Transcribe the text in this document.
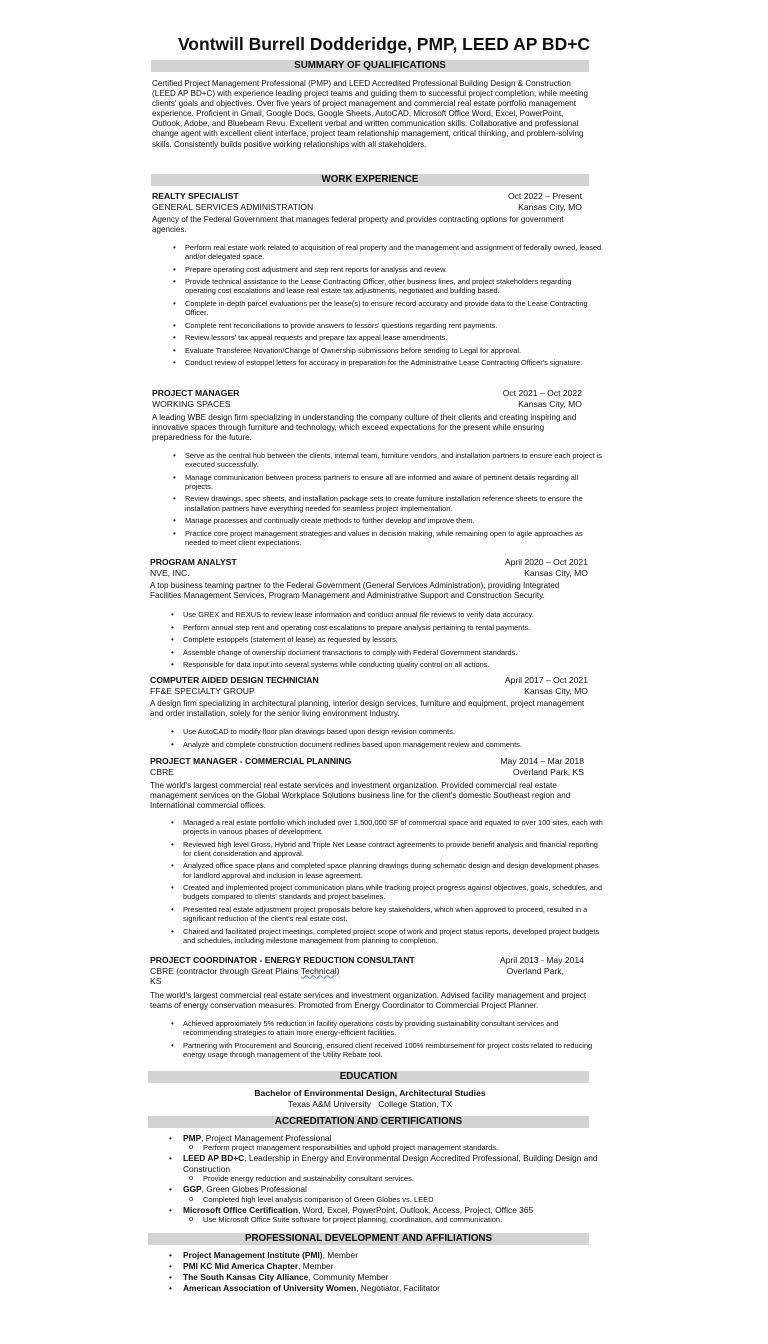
Vontwill Burrell Dodderidge, PMP, LEED AP BD+C
SUMMARY OF QUALIFICATIONS

Certified Project Management Professional (PMP) and LEED Accredited Professional Building Design & Construction (LEED AP BD+C) with experience leading project teams and guiding them to successful project completion, while meeting clients' goals and objectives. Over five years of project management and commercial real estate portfolio management experience. Proficient in Gmail, Google Docs, Google Sheets, AutoCAD, Microsoft Office Word, Excel, PowerPoint, Outlook, Adobe, and Bluebeam Revu. Excellent verbal and written communication skills. Collaborative and professional change agent with excellent client interface, project team relationship management, critical thinking, and problem-solving skills. Consistently builds positive working relationships with all stakeholders.

WORK EXPERIENCE
REALTY SPECIALIST	Oct 2022 – Present
GENERAL SERVICES ADMINISTRATION	Kansas City, MO

Agency of the Federal Government that manages federal property and provides contracting options for government agencies.

• Perform real estate work related to acquisition of real property and the management and assignment of federally owned, leased and/or delegated space.
• Prepare operating cost adjustment and step rent reports for analysis and review.
• Provide technical assistance to the Lease Contracting Officer, other business lines, and project stakeholders regarding operating cost escalations and lease real estate tax adjustments, negotiated and building based.
• Complete in-depth parcel evaluations per the lease(s) to ensure record accuracy and provide data to the Lease Contracting Officer.
• Complete rent reconciliations to provide answers to lessors' questions regarding rent payments.
• Review lessors' tax appeal requests and prepare tax appeal lease amendments.
• Evaluate Transferee Novation/Change of Ownership submissions before sending to Legal for approval.
• Conduct review of estoppel letters for accuracy in preparation for the Administrative Lease Contracting Officer's signature.
PROJECT MANAGER	Oct 2021 – Oct 2022
WORKING SPACES	Kansas City, MO

A leading WBE design firm specializing in understanding the company culture of their clients and creating inspiring and innovative spaces through furniture and technology, which exceed expectations for the present while ensuring preparedness for the future.

• Serve as the central hub between the clients, internal team, furniture vendors, and installation partners to ensure each project is executed successfully.
• Manage communication between process partners to ensure all are informed and aware of pertinent details regarding all projects.
• Review drawings, spec sheets, and installation package sets to create furniture installation reference sheets to ensure the installation partners have everything needed for seamless project implementation.
• Manage processes and continually create methods to further develop and improve them.
• Practice core project management strategies and values in decision making, while remaining open to agile approaches as needed to meet client expectations.
PROGRAM ANALYST	April 2020 – Oct 2021
NVE, INC.	Kansas City, MO

A top business teaming partner to the Federal Government (General Services Administration), providing Integrated Facilities Management Services, Program Management and Administrative Support and Construction Security.

• Use GREX and REXUS to review lease information and conduct annual file reviews to verify data accuracy.
• Perform annual step rent and operating cost escalations to prepare analysis pertaining to rental payments.
• Complete estoppels (statement of lease) as requested by lessors.
• Assemble change of ownership document transactions to comply with Federal Government standards.
• Responsible for data input into several systems while conducting quality control on all actions.
COMPUTER AIDED DESIGN TECHNICIAN	April 2017 – Oct 2021
FF&E SPECIALTY GROUP	Kansas City, MO

A design firm specializing in architectural planning, interior design services, furniture and equipment, project management and order installation, solely for the senior living environment industry.

• Use AutoCAD to modify floor plan drawings based upon design revision comments.
• Analyze and complete construction document redlines based upon management review and comments.
PROJECT MANAGER - COMMERCIAL PLANNING	May 2014 – Mar 2018
CBRE	Overland Park, KS

The world's largest commercial real estate services and investment organization. Provided commercial real estate management services on the Global Workplace Solutions business line for the client's domestic Southeast region and International commercial offices.

• Managed a real estate portfolio which included over 1,500,000 SF of commercial space and equated to over 100 sites, each with projects in various phases of development.
• Reviewed high level Gross, Hybrid and Triple Net Lease contract agreements to provide benefit analysis and financial reporting for client consideration and approval.
• Analyzed office space plans and completed space planning drawings during schematic design and design development phases for landlord approval and inclusion in lease agreement.
• Created and implemented project communication plans while tracking project progress against objectives, goals, schedules, and budgets compared to clients' standards and project baselines.
• Presented real estate adjustment project proposals before key stakeholders, which when approved to proceed, resulted in a significant reduction of the client's real estate cost.
• Chaired and facilitated project meetings, completed project scope of work and project status reports, developed project budgets and schedules, including milestone management from planning to completion.
PROJECT COORDINATOR - ENERGY REDUCTION CONSULTANT	April 2013 - May 2014
CBRE (contractor through Great Plains Technical)	Overland Park,
KS

The world's largest commercial real estate services and investment organization. Advised facility management and project teams of energy conservation measures. Promoted from Energy Coordinator to Commercial Project Planner.

• Achieved approximately 5% reduction in facility operations costs by providing sustainability consultant services and recommending strategies to attain more energy-efficient facilities.
• Partnering with Procurement and Sourcing, ensured client received 100% reimbursement for project costs related to reducing energy usage through management of the Utility Rebate tool.
EDUCATION
Bachelor of Environmental Design, Architectural Studies
Texas A&M University College Station, TX
ACCREDITATION AND CERTIFICATIONS
• PMP, Project Management Professional
o Perform project management responsibilities and uphold project management standards.
• LEED AP BD+C, Leadership in Energy and Environmental Design Accredited Professional, Building Design and Construction
o Provide energy reduction and sustainability consultant services.
• GGP, Green Globes Professional
o Completed high level analysis comparison of Green Globes vs. LEED
• Microsoft Office Certification, Word, Excel, PowerPoint, Outlook, Access, Project, Office 365
o Use Microsoft Office Suite software for project planning, coordination, and communication.
PROFESSIONAL DEVELOPMENT AND AFFILIATIONS
• Project Management Institute (PMI), Member
• PMI KC Mid America Chapter, Member
• The South Kansas City Alliance, Community Member
• American Association of University Women, Negotiator, Facilitator
